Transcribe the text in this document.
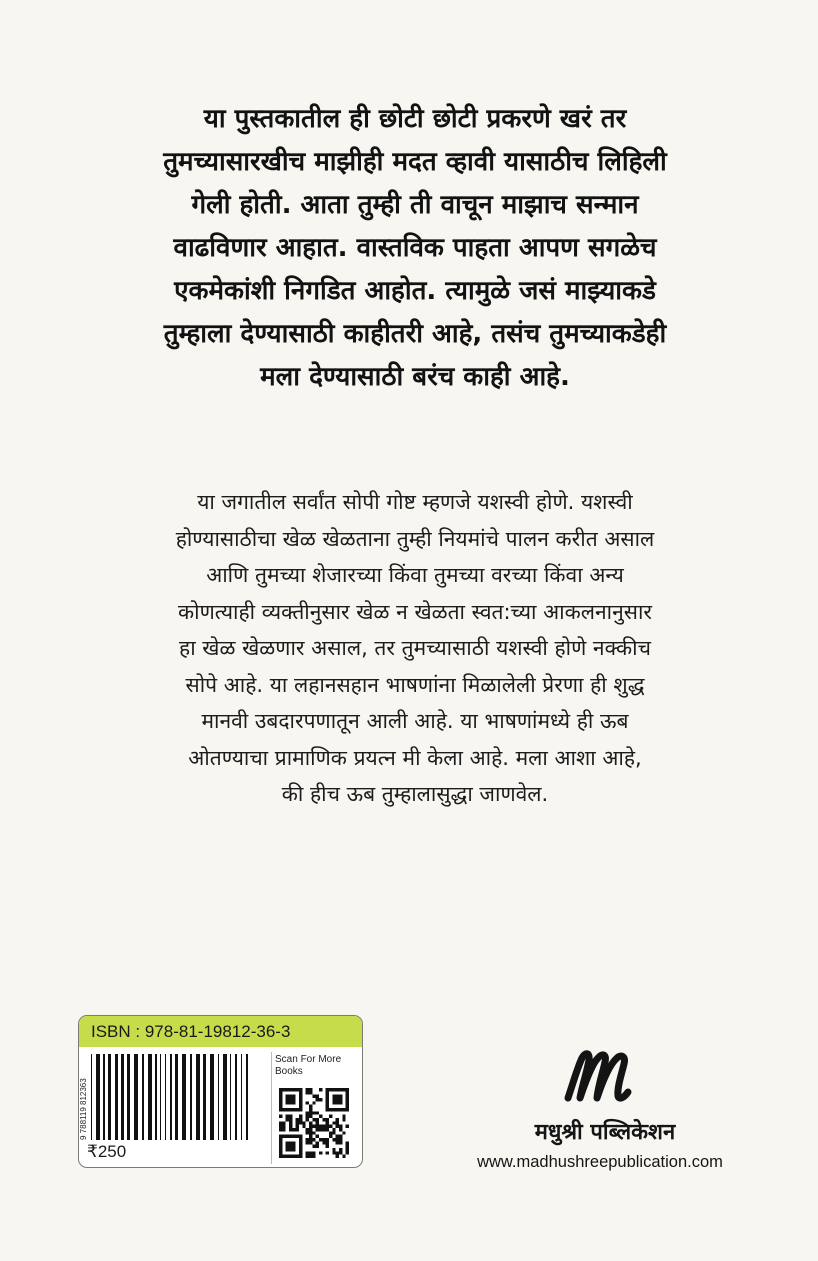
या पुस्तकातील ही छोटी छोटी प्रकरणे खरं तर
तुमच्यासारखीच माझीही मदत व्हावी यासाठीच लिहिली
गेली होती. आता तुम्ही ती वाचून माझाच सन्मान
वाढविणार आहात. वास्तविक पाहता आपण सगळेच
एकमेकांशी निगडित आहोत. त्यामुळे जसं माझ्याकडे
तुम्हाला देण्यासाठी काहीतरी आहे, तसंच तुमच्याकडेही
मला देण्यासाठी बरंच काही आहे.
या जगातील सर्वांत सोपी गोष्ट म्हणजे यशस्वी होणे. यशस्वी
होण्यासाठीचा खेळ खेळताना तुम्ही नियमांचे पालन करीत असाल
आणि तुमच्या शेजारच्या किंवा तुमच्या वरच्या किंवा अन्य
कोणत्याही व्यक्तीनुसार खेळ न खेळता स्वत:च्या आकलनानुसार
हा खेळ खेळणार असाल, तर तुमच्यासाठी यशस्वी होणे नक्कीच
सोपे आहे. या लहानसहान भाषणांना मिळालेली प्रेरणा ही शुद्ध
मानवी उबदारपणातून आली आहे. या भाषणांमध्ये ही ऊब
ओतण्याचा प्रामाणिक प्रयत्न मी केला आहे. मला आशा आहे,
की हीच ऊब तुम्हालासुद्धा जाणवेल.
ISBN : 978-81-19812-36-3
9 788119 812363
₹250
Scan For More Books
मधुश्री पब्लिकेशन
www.madhushreepublication.com
